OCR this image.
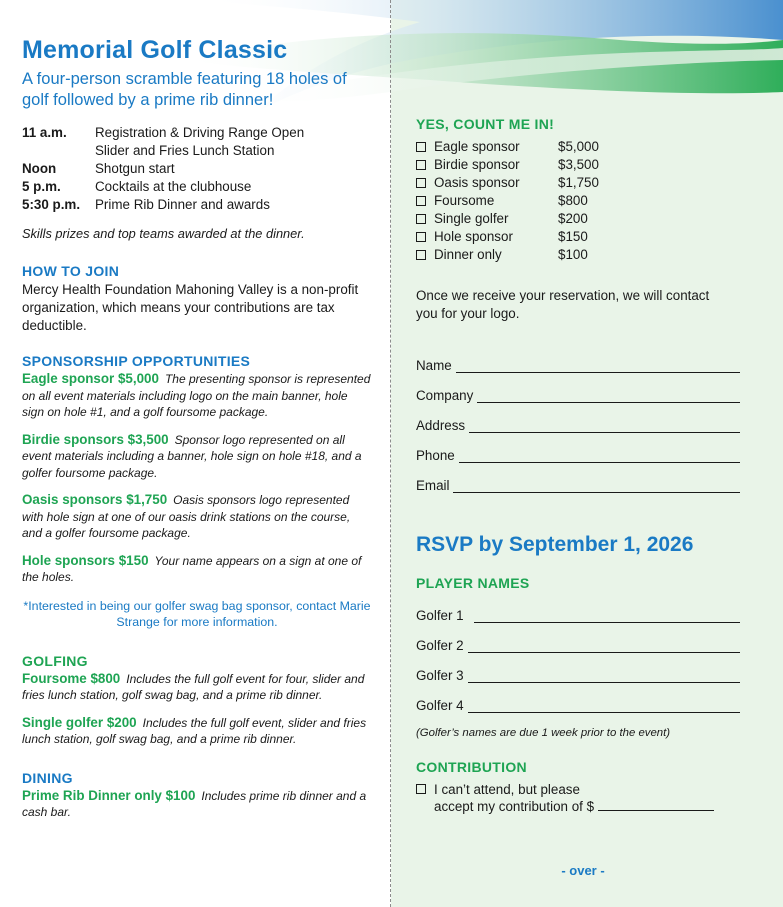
Memorial Golf Classic
A four-person scramble featuring 18 holes of golf followed by a prime rib dinner!
11 a.m.	Registration & Driving Range Open
Slider and Fries Lunch Station
Noon	Shotgun start
5 p.m.	Cocktails at the clubhouse
5:30 p.m.	Prime Rib Dinner and awards
Skills prizes and top teams awarded at the dinner.
HOW TO JOIN
Mercy Health Foundation Mahoning Valley is a non-profit organization, which means your contributions are tax deductible.
SPONSORSHIP OPPORTUNITIES
Eagle sponsor $5,000 The presenting sponsor is represented on all event materials including logo on the main banner, hole sign on hole #1, and a golf foursome package.
Birdie sponsors $3,500 Sponsor logo represented on all event materials including a banner, hole sign on hole #18, and a golfer foursome package.
Oasis sponsors $1,750 Oasis sponsors logo represented with hole sign at one of our oasis drink stations on the course, and a golfer foursome package.
Hole sponsors $150 Your name appears on a sign at one of the holes.
*Interested in being our golfer swag bag sponsor, contact Marie Strange for more information.
GOLFING
Foursome $800 Includes the full golf event for four, slider and fries lunch station, golf swag bag, and a prime rib dinner.
Single golfer $200 Includes the full golf event, slider and fries lunch station, golf swag bag, and a prime rib dinner.
DINING
Prime Rib Dinner only $100 Includes prime rib dinner and a cash bar.
YES, COUNT ME IN!
Eagle sponsor	$5,000
Birdie sponsor	$3,500
Oasis sponsor	$1,750
Foursome	$800
Single golfer	$200
Hole sponsor	$150
Dinner only	$100
Once we receive your reservation, we will contact you for your logo.
Name
Company
Address
Phone
Email
RSVP by September 1, 2026
PLAYER NAMES
Golfer 1
Golfer 2
Golfer 3
Golfer 4
(Golfer’s names are due 1 week prior to the event)
CONTRIBUTION
I can’t attend, but please
accept my contribution of $
- over -
